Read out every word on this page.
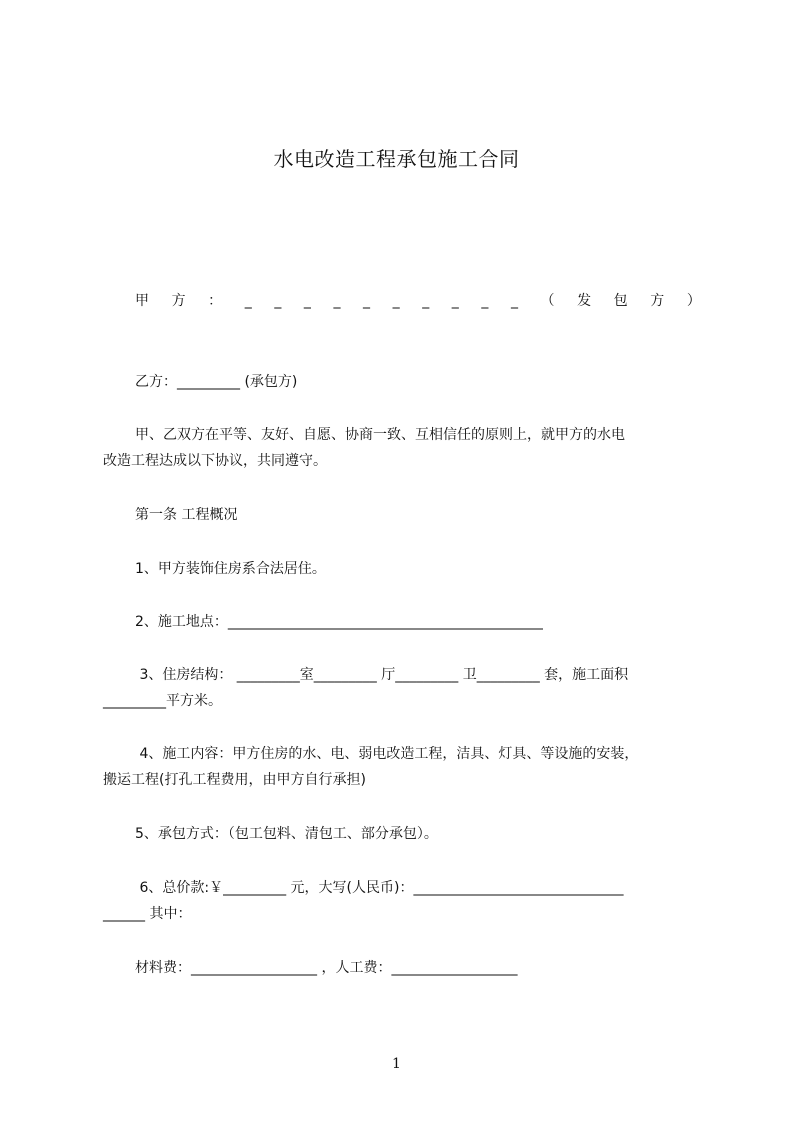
水电改造工程承包施工合同
甲 方 ： _ _ _ _ _ _ _ _ _ _ （ 发 包 方 ）
乙方：_________ (承包方)
甲、乙双方在平等、友好、自愿、协商一致、互相信任的原则上，就甲方的水电
改造工程达成以下协议，共同遵守。
第一条 工程概况
1、甲方装饰住房系合法居住。
2、施工地点：_____________________________________________
3、住房结构： _________室_________ 厅_________ 卫_________ 套，施工面积
_________平方米。
4、施工内容：甲方住房的水、电、弱电改造工程，洁具、灯具、等设施的安装，
搬运工程(打孔工程费用，由甲方自行承担)
5、承包方式：（包工包料、清包工、部分承包）。
6、总价款:￥_________ 元，大写(人民币)：______________________________
______ 其中：
材料费：__________________ ，人工费：__________________
1
